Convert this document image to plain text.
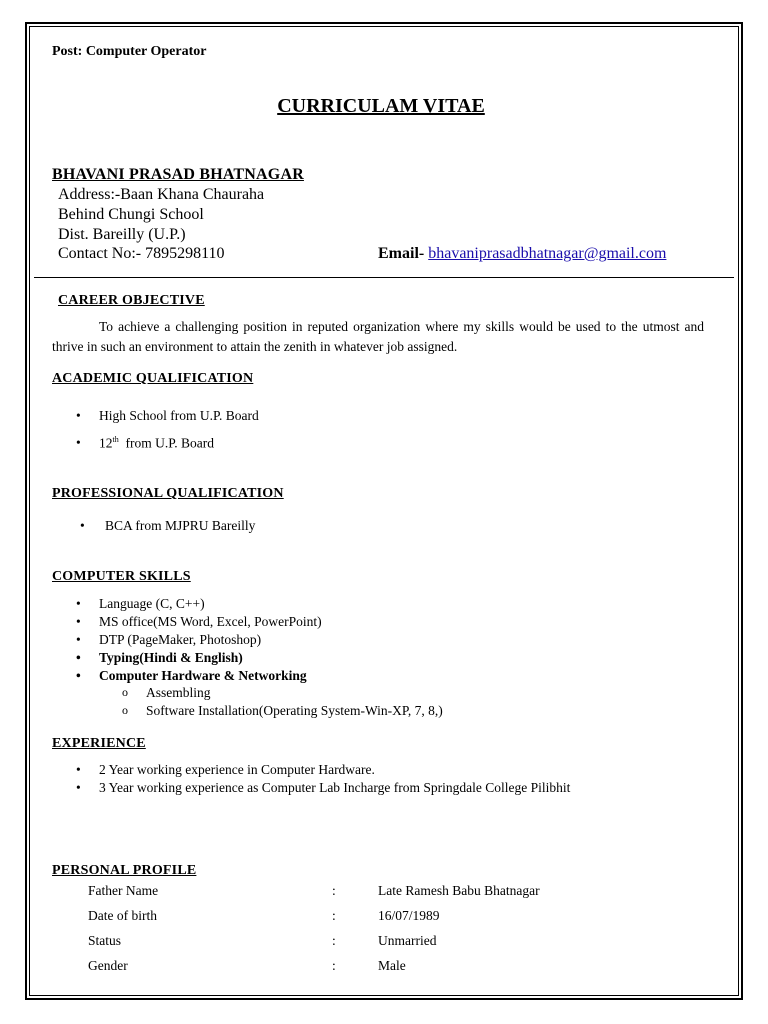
Post: Computer Operator
CURRICULAM VITAE
BHAVANI PRASAD BHATNAGAR
Address:-Baan Khana Chauraha
Behind Chungi School
Dist. Bareilly (U.P.)
Contact No:- 7895298110	Email- bhavaniprasadbhatnagar@gmail.com
CAREER OBJECTIVE
To achieve a challenging position in reputed organization where my skills would be used to the utmost and thrive in such an environment to attain the zenith in whatever job assigned.
ACADEMIC QUALIFICATION
• High School from U.P. Board
• 12th  from U.P. Board
PROFESSIONAL QUALIFICATION
• BCA from MJPRU Bareilly
COMPUTER SKILLS
• Language (C, C++)
• MS office(MS Word, Excel, PowerPoint)
• DTP (PageMaker, Photoshop)
• Typing(Hindi & English)
• Computer Hardware & Networking
o Assembling
o Software Installation(Operating System-Win-XP, 7, 8,)
EXPERIENCE
• 2 Year working experience in Computer Hardware.
• 3 Year working experience as Computer Lab Incharge from Springdale College Pilibhit
PERSONAL PROFILE
Father Name	:	Late Ramesh Babu Bhatnagar
Date of birth	:	16/07/1989
Status	:	Unmarried
Gender	:	Male
